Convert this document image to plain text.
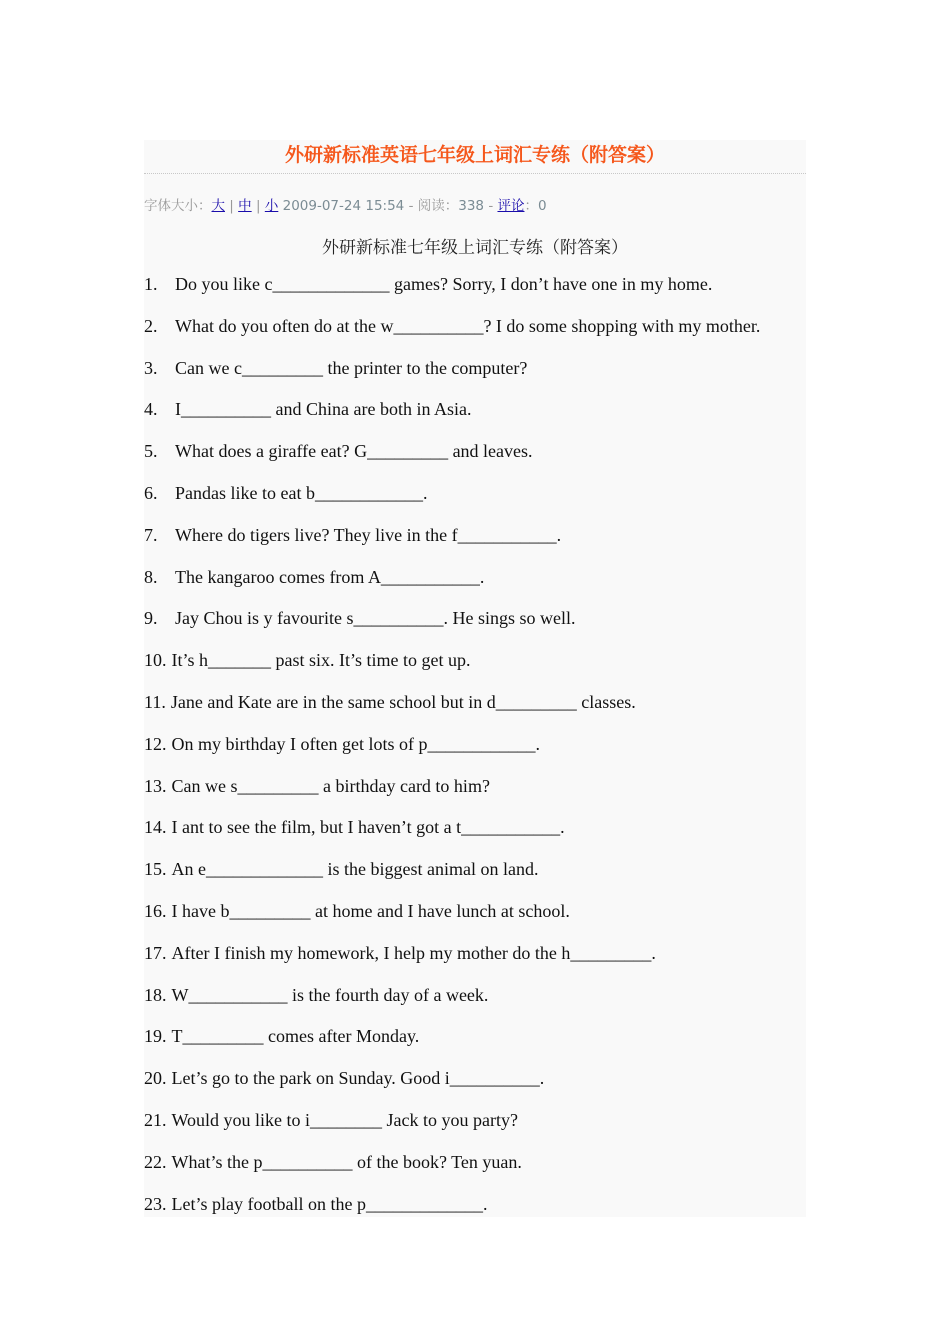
外研新标准英语七年级上词汇专练（附答案）
字体大小：大 | 中 | 小 2009-07-24 15:54 - 阅读：338 - 评论：0
外研新标准七年级上词汇专练（附答案）
1. Do you like c_____________ games? Sorry, I don’t have one in my home.
2. What do you often do at the w__________? I do some shopping with my mother.
3. Can we c_________ the printer to the computer?
4. I__________ and China are both in Asia.
5. What does a giraffe eat? G_________ and leaves.
6. Pandas like to eat b____________.
7. Where do tigers live? They live in the f___________.
8. The kangaroo comes from A___________.
9. Jay Chou is y favourite s__________. He sings so well.
10. It’s h_______ past six. It’s time to get up.
11. Jane and Kate are in the same school but in d_________ classes.
12. On my birthday I often get lots of p____________.
13. Can we s_________ a birthday card to him?
14. I ant to see the film, but I haven’t got a t___________.
15. An e_____________ is the biggest animal on land.
16. I have b_________ at home and I have lunch at school.
17. After I finish my homework, I help my mother do the h_________.
18. W___________ is the fourth day of a week.
19. T_________ comes after Monday.
20. Let’s go to the park on Sunday. Good i__________.
21. Would you like to i________ Jack to you party?
22. What’s the p__________ of the book? Ten yuan.
23. Let’s play football on the p_____________.
